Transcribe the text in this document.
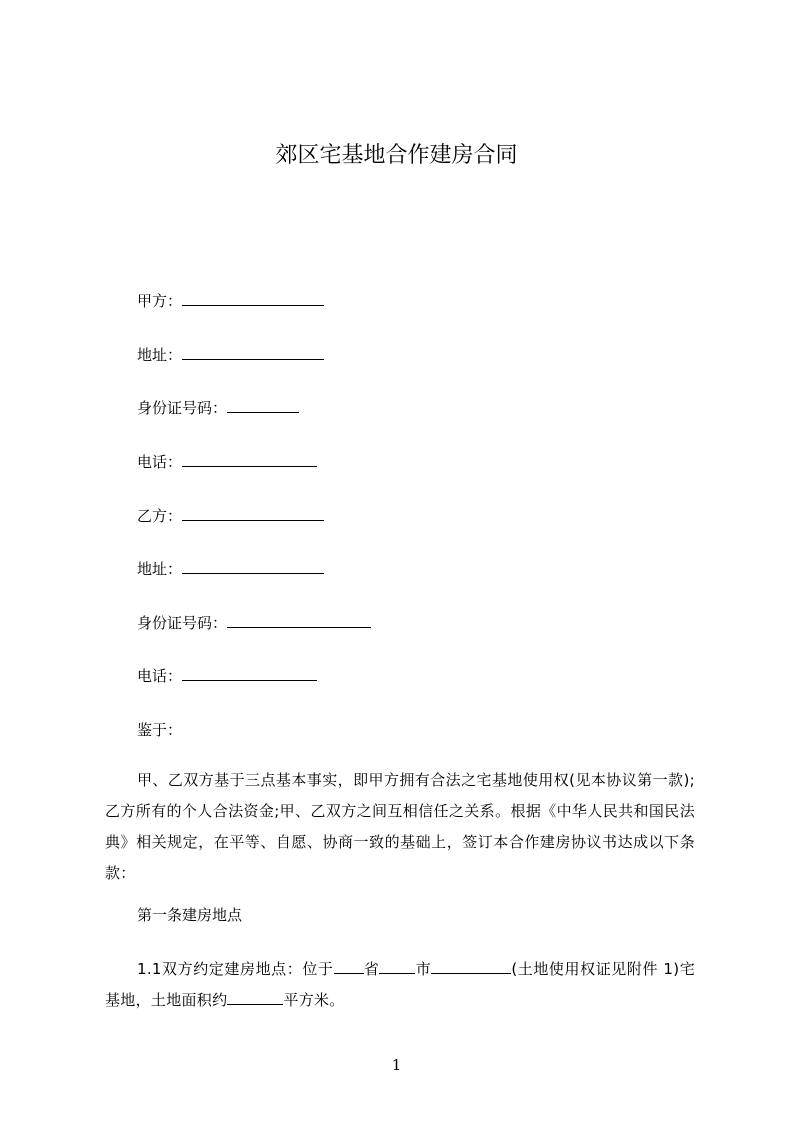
郊区宅基地合作建房合同
甲方：
地址：
身份证号码：
电话：
乙方：
地址：
身份证号码：
电话：
鉴于：
甲、乙双方基于三点基本事实，即甲方拥有合法之宅基地使用权(见本协议第一款);乙方所有的个人合法资金;甲、乙双方之间互相信任之关系。根据《中华人民共和国民法典》相关规定，在平等、自愿、协商一致的基础上，签订本合作建房协议书达成以下条款：
第一条建房地点
1.1双方约定建房地点：位于 省 市	(土地使用权证见附件 1)宅基地，土地面积约	平方米。
1
